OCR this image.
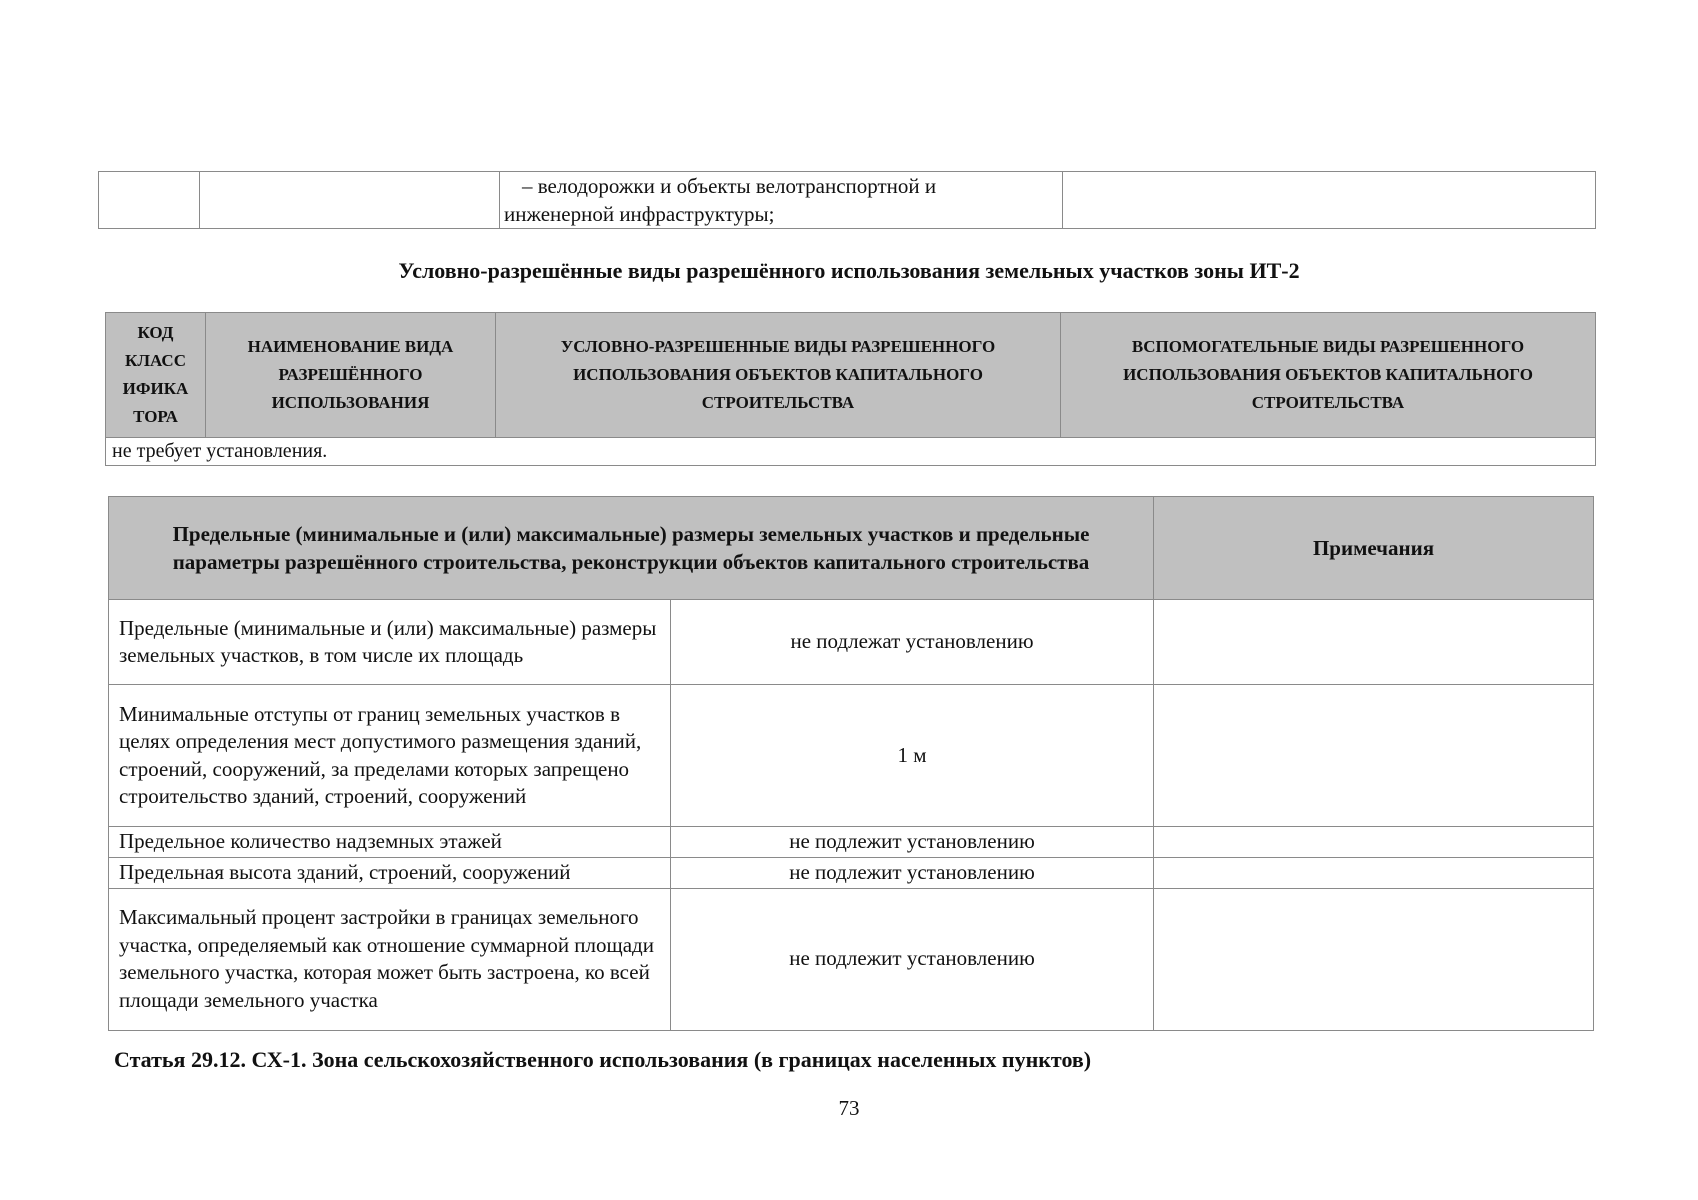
– велодорожки и объекты велотранспортной и
инженерной инфраструктуры;

Условно-разрешённые виды разрешённого использования земельных участков зоны ИТ-2
КОД КЛАСС ИФИКА ТОРА	НАИМЕНОВАНИЕ ВИДА РАЗРЕШЁННОГО ИСПОЛЬЗОВАНИЯ	УСЛОВНО-РАЗРЕШЕННЫЕ ВИДЫ РАЗРЕШЕННОГО ИСПОЛЬЗОВАНИЯ ОБЪЕКТОВ КАПИТАЛЬНОГО СТРОИТЕЛЬСТВА	ВСПОМОГАТЕЛЬНЫЕ ВИДЫ РАЗРЕШЕННОГО ИСПОЛЬЗОВАНИЯ ОБЪЕКТОВ КАПИТАЛЬНОГО СТРОИТЕЛЬСТВА
не требует установления.
Предельные (минимальные и (или) максимальные) размеры земельных участков и предельные параметры разрешённого строительства, реконструкции объектов капитального строительства		Примечания
Предельные (минимальные и (или) максимальные) размеры земельных участков, в том числе их площадь	не подлежат установлению	
Минимальные отступы от границ земельных участков в целях определения мест допустимого размещения зданий, строений, сооружений, за пределами которых запрещено строительство зданий, строений, сооружений	1 м	
Предельное количество надземных этажей	не подлежит установлению	
Предельная высота зданий, строений, сооружений	не подлежит установлению	
Максимальный процент застройки в границах земельного участка, определяемый как отношение суммарной площади земельного участка, которая может быть застроена, ко всей площади земельного участка	не подлежит установлению	
Статья 29.12. СХ-1. Зона сельскохозяйственного использования (в границах населенных пунктов)
73
